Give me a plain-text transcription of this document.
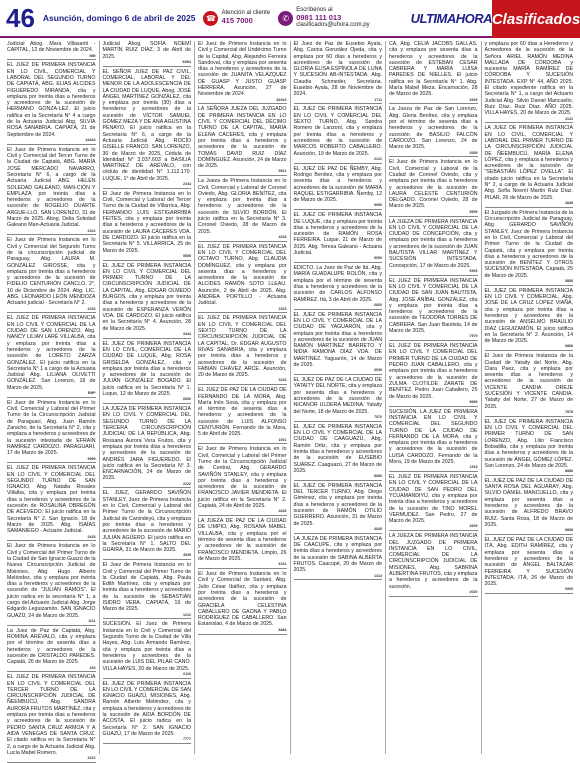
46 Asunción, domingo 6 de abril de 2025	☎
Atención al cliente
415 7000	✆
Escríbenos al
0981 111 013
clasificados@uhora.com.py	ULTIMAHORA Clasificados
Judicial Abog. Mara Villasanti - CAPITAL, 12 de Noviembre de 2024.
MM
EL JUEZ DE PRIMERA INSTANCIA EN LO CIVIL, COMERCIAL Y LABORAL DEL SEGUNDO TURNO DE CAPIATÁ, ABG. ELIAS ALCIDES FIGUEREDO MIRANDA, cita y emplaza por treinta días a herederos y acreedores de la sucesión de HERMANO GONZA-LEZ. El juicio ratifica en la Secretaría N° 4 a cargo de la Actuaria Judicial Abg. SILVIA ROSA SANABRIA. CAPIATÁ, 21 de Septiembre de 2024.
44444
El Juez de Primera Instancia en lo Civil y Comercial del Tercer Turno de la Ciudad de Capiatá, ABG. MARÍA JOSÉ MERCADO NAVARRO, Secretaría N° 6, a cargo de la Actuaria Judicial ABG. HELEN SOLEDAD GALEANO, MAN-CIÓN Y EMPLAZA por treinta días a herederos y acreedores de la sucesión de ROGELIO DUARTE ARGUE-LLO. SAN LORENZO, 31 de Marzo de 2025. Abog. Delia Soledad Galeano Man-Actuaria Judicial.
2222
El Juez de Primera Instancia en lo Civil y Comercial del Segundo Turno de la circunscripción judicial de Paraguay, Abg. LAURA M. GONZÁLEZ GIROSSE, cita y emplaza por treinta días a herederos y acreedores de la sucesión de FIDELIO CENTURIÓN CANCLO. 2°, 10 de Diciembre de 2024. Abg. LIC. ABG. LEONARDO LEÓN MENDOZA Actuario judicial - Secretaría N° 2.
2233
EL JUEZ DE PRIMERA INSTANCIA EN LO CIVIL Y COMERCIAL DE LA CIUDAD DE SAN LORENZO, Abg. NANCY LILIAN LARÉ VILLALBA, cita y emplaza por treinta días a herederos y acreedores de la sucesión de LORETO ZARZA GONZÁLEZ. El juicio ratifica en la Secretaría N° 1 a cargo de la Actuaria Judicial Abg. LILIANA OLIVETTI GONZÁLEZ. San Lorenzo, 18 de Marzo de 2025.
EMP
El Juez de Primera Instancia en lo Civil, Comercial y Laboral del Primer Turno de la Circunscripción Judicial de Paraguarí, Abg. Juan Ramón Zaracho, de la Secretaría N° 2, cita y emplaza a herederos y acreedores de la sucesión intestada de EFRAÍN RAMÍREZ CARDOZO. PARAGUARÍ, 17 de Marzo de 2025.
9999
EL JUEZ DE PRIMERA INSTANCIA EN LO CIVIL Y COMERCIAL DEL SEGUNDO TURNO DE SAN IGNACIO, Abg. Natalia Rosales Villalba, cita y emplaza por treinta días a herederos y acreedores de la sucesión de ROSALINA OBREGÓN DE ACEVEDO. El juicio ratifica en la Secretaría N° 2. San Ignacio, 18 de Marzo de 2025. Abg. ISAÍAS SAMANIEGO - Actuario Judicial.
2425
El Juez de Primera Instancia en lo Civil y Comercial del Primer Turno de la Ciudad de San Ignacio Guazú de la Nueva Circunscripción Judicial de Misiones, Abg. Hugo Alberto Meléndez, cita y emplaza por treinta días a herederos y acreedores de la sucesión de "JULIÁN RAMOS". El juicio radica en la secretaría N° 1, a cargo del Actuario Judicial Abg. Jorge Edgardo Leguizamón. SAN IGNACIO GUAZÚ, 24 de Marzo de 2025.
1111
La Juez de Paz de Capiatá, Abg. ROMINA ARÉVALO, cita y emplaza por el término de sesenta días a herederos y acreedores de la sucesión de CRISTALDO PAREDES. Capiatá, 26 de Marzo de 2025.
333
EL JUEZ DE PRIMERA INSTANCIA EN LO CIVIL Y COMERCIAL DEL TERCER TURNO DE LA CIRCUNSCRIPCIÓN JUDICIAL DE ÑEEMBUCÚ, Abg. SANDRA AURORA FRUTOS MARTÍNEZ, cita y emplaza por treinta días a herederos y acreedores de la sucesión de PEDRO SANTA CRUZ ARMOA Y A AIDA VENEGAS DE SANTA CRUZ. El citado ratifica en la Secretaría N° 2, a cargo de la Actuaria Judicial Abg. Lucía Mabel Romero.
2222
Judicial Abog. SOFÍA NOEMÍ MARTÍN RUIZ DÍAZ, 3 de Abril de 2025.
92B4
EL SEÑOR JUEZ DE PAZ CIVIL, COMERCIAL, LABORAL Y DEL MENOR DE LA ADOLESCENCIA DE LA CIUDAD DE LUQUE, Abog. JOSÉ ÁNGEL MARTÍNEZ GONZÁLEZ, cita y emplaza por treinta (30) días a herederos y acreedores de la sucesión de VÍCTOR SAMUEL GÓMEZ MEZA Y DE ANA AGUSTINA PENAYO. El juicio ratifica en la Secretaría N° 6, a cargo de la Actuaria Judicial Abg. ROCÍO GISELLE FRANCO. SAN LORENZO, 30 de Marzo de 2025, Cédula de Identidad N° 3.037.603 a BASILIA MARTÍNEZ DE ARÉVALO, con cédula de identidad N° 1.112.170. LUQUE, 1° de Abril de 2025.
2244
El Juez de Primera Instancia en lo Civil, Comercial y Laboral del Tercer Turno de la Ciudad de Villarrica, Abg. FERNANDO LUIS ESTIGARRIBIA FEITES, cita y emplaza por treinta días a herederos y acreedores de la sucesión de LAURA CÁCERES VDA. DE CARDOZO. El juicio ratifica en la Secretaría N° 5. VILLARRICA, 25 de Marzo de 2025.
5555
EL JUEZ DE PRIMERA INSTANCIA EN LO CIVIL Y COMERCIAL DEL PRIMER TURNO DE LA CIRCUNSCRIPCIÓN JUDICIAL DE LA CAPITAL, Abg. EDGAR OLMEDO BURGOS, cita y emplaza por treinta días a herederos y acreedores de la sucesión de ESPERANZA VERÓN VDA. DE CARDOZO. El juicio ratifica en la Secretaría N° 4. Asunción, 28 de Marzo de 2025.
3444
EL JUEZ DE PRIMERA INSTANCIA EN LO CIVIL, COMERCIAL DE LA CIUDAD DE LUQUE, Abg. ROSA GRISELDA GONZÁLEZ, cita y emplaza por treinta días a herederos y acreedores de la sucesión de JULIÁN GONZÁLEZ BOGADO. El juicio ratifica en la Secretaría N° 1. Luque, 12 de Marzo de 2025.
6666
LA JUEZA DE PRIMERA INSTANCIA EN LO CIVIL Y COMERCIAL DEL SEGUNDO TURNO DE LA TERCERA CIRCUNSCRIPCIÓN JUDICIAL DE LA REPÚBLICA, Abg. Rossana Aurora Vera Frutos, cita y emplaza por treinta días a herederos y acreedores de la sucesión de ANDRÉS JARA FIGUEREDO. El juicio ratifica en la Secretaría N° 3. ENCARNACIÓN, 24 de Marzo de 2025.
2222
EL JUEZ, GERARDO SAVIÑÓN STANLEY, Juez de Primera Instancia en lo Civil, Comercial y Laboral del Primer Turno de la Circunscripción Judicial de Canindeyú, cita y emplaza por treinta días a herederos y acreedores de la sucesión de MARIO JULIÁN AGÜERO. El juicio ratifica en la Secretaría N° 1. SALTO DEL GUAIRÁ, 31 de Marzo de 2025.
4545
El Juez de Primera Instancia en lo Civil y Comercial del Primer Turno de la Ciudad de Capiatá, Abg. Paula Edith Martínez, cita y emplaza por treinta días a herederos y acreedores de la sucesión de SEBASTIÁN ISIDRO VERA. CAPIATÁ, 19 de Marzo de 2025.
1212
SUCESIÓN. El Juez de Primera Instancia en lo Civil y Comercial del Segundo Turno de la Ciudad de Villa Hayes, Abg. Luis Armando Ramírez, cita y emplaza por treinta días a herederos y acreedores de la sucesión de LUIS DEL PILAR CANO. VILLA HAYES, 20 de Marzo de 2025.
0110
EL JUEZ DE PRIMERA INSTANCIA EN LO CIVIL Y COMERCIAL DE SAN IGNACIO GUAZÚ, MISIONES, Abg. Ramón Alberto Meléndez, cita y emplaza a herederos y acreedores de la sucesión de AIDA BORDÓN DE ACOSTA. El juicio radica en la Secretaría N° 2. SAN IGNACIO GUAZÚ, 17 de Marzo de 2025.
7777
El Juez de Primera Instancia en lo Civil y Comercial del Undécimo Turno de la Capital, Abg. Alejandro Ferreira Sandoval, cita y emplaza por sesenta días a herederos y acreedores de la sucesión de JUANITA VELÁZQUEZ DE GUASP Y JUSTO GUASP HERRERA. Asunción, 27 de Noviembre de 2024.
82342
LA SEÑORA JUEZA DEL JUZGADO DE PRIMERA INSTANCIA EN LO CIVIL Y COMERCIAL DEL DÉCIMO TURNO DE LA CAPITAL, MARÍA ELENA CÁCERES, cita y emplaza por treinta días a herederos y acreedores de la sucesión de TOMÁS DAVID RUIZ DÍAZ DOMÍNGUEZ. Asunción, 24 de Marzo de 2025.
9921
La Jueza de Primera Instancia en lo Civil, Comercial y Laboral de Coronel Oviedo, Abg. GLORIA BENÍTEZ, cita y emplaza por treinta días a herederos y acreedores de la sucesión de SILVIO BORDÓN. El juicio ratifica en la Secretaría N° 3. Coronel Oviedo, 28 de Marzo de 2025.
4242
EL JUEZ DE PRIMERA INSTANCIA EN LO CIVIL Y COMERCIAL DEL OCTAVO TURNO, Abg. CLAUDIA DOMÍNGUEZ, cita y emplaza por sesenta días a herederos y acreedores de la sucesión de ALCIDES RAMÓN SOTO LLEAU. Asunción, 2 de Abril de 2025. Abg. ANDREA PORTILLO - Actuaria Judicial.
2323
EL JUEZ DE PRIMERA INSTANCIA EN LO CIVIL Y COMERCIAL DEL SEXTO TURNO DE LA CIRCUNSCRIPCIÓN JUDICIAL DE LA CAPITAL, Dr. EDGAR AUGUSTO RIVAS SANABRIA, cita y emplaza por treinta días a herederos y acreedores de la sucesión de FABIÁN CHÁVEZ ARCE. Asunción, 20 de Marzo de 2025.
3232
EL JUEZ DE PAZ DE LA CIUDAD DE FERNANDO DE LA MORA, Abg. María Inés Sosa, cita y emplaza por el término de sesenta días a herederos y acreedores de la sucesión de LUIS ALFONSO CENTURIÓN. Fernando de la Mora, 5 de Abril de 2025.
1001
El Juez de Primera Instancia en lo Civil, Comercial y Laboral del Primer Turno de la Circunscripción Judicial de Central, Abg. GERARDO SAVIÑÓN STANLEY, cita y emplaza por treinta días a herederos y acreedores de la sucesión de FRANCISCO JAVIER MENDIETA. El juicio ratifica en la Secretaría N° 2. Capiatá, 24 de Abril de 2025.
4343
LA JUEZA DE PAZ DE LA CIUDAD DE LIMPIO, Abg. ROSANA MABEL VILLALBA, cita y emplaza por el término de sesenta días a herederos y acreedores de la sucesión de FRANCISCO MENDIETA. Limpio, 26 de Marzo de 2025.
6161
El Juez de Primera Instancia en lo Civil y Comercial de Santaní, Abg. Julio César Ibáñez, cita y emplaza por treinta días a herederos y acreedores de la sucesión de GRACIELA CELESTINA CABALLERO DE GAONA Y PABLO RODRÍGUEZ DE CABALLERO. San Estanislao, 4 de Marzo de 2025.
8484
El Juez de Paz de Eusebio Ayala, Abg. Carina González Ojeda, cita y emplaza por 60 días a herederos y acreedores de la sucesión de GLORIA ELISA ESPÍNOLA DE LUNA Y SUCESIÓN AB-INTESTADA. Abg. Claudia Schmeder, Secretaria. Eusebio Ayala, 28 de Noviembre de 2024.
1711
EL JUEZ DE PRIMERA INSTANCIA EN LO CIVIL Y COMERCIAL DEL SEXTO TURNO, Abg. Sandra Romero de Lanzoni, cita y emplaza por treinta días a herederos y acreedores de la sucesión de MARCOS ROBERTO CABALLERO. Asunción, 19 de Marzo de 2025.
2121
EL JUEZ DE PAZ DE ÑEMBY, Abg. Rodrigo Benítez, cita y emplaza por sesenta días a herederos y acreedores de la sucesión de MARÍA RAQUEL ESTIGARRIBIA. Ñemby, 12 de Marzo de 2025.
9090
EL JUEZ DE PRIMERA INSTANCIA DE LUQUE, cita y emplaza por treinta días a herederos y acreedores de la sucesión de RAMÓN ROSA FERREIRA. Luque, 21 de Marzo de 2025. Abg. Teresa Galeano - Actuaria Judicial.
5050
EDICTO. La Juez de Paz de Itá, Abg. MARÍA GUADALUPE ROLÓN, cita y emplaza por el término de sesenta días a herederos y acreedores de la sucesión de CARLOS ALFONSO RAMÍREZ. Itá, 3 de Abril de 2025.
6060
EL JUEZ DE PRIMERA INSTANCIA EN LO CIVIL Y COMERCIAL DE LA CIUDAD DE YAGUARÓN, cita y emplaza por treinta días a herederos y acreedores de la sucesión de JUAN RAMÓN MARTÍNEZ BARRETO Y NIDIA RAMONA DÍAZ VDA. DE MARTÍNEZ. Yaguarón, 14 de Marzo de 2025.
3030
EL JUEZ DE PAZ DE LA CIUDAD DE YATAITY DEL NORTE, cita y emplaza por sesenta días a herederos y acreedores de la sucesión de NICANOR ULDERA MEDINA. Yataity del Norte, 18 de Marzo de 2025.
7070
EL JUEZ DE PRIMERA INSTANCIA EN LO CIVIL Y COMERCIAL DE LA CIUDAD DE CAAGUAZÚ, Abg. Ramón Ortiz, cita y emplaza por treinta días a herederos y acreedores de la sucesión de EUSEBIO SUÁREZ. Caaguazú, 27 de Marzo de 2025.
8080
EL JUEZ DE PRIMERA INSTANCIA DEL TERCER TURNO, Abg. Diego Giménez, cita y emplaza por treinta días a herederos y acreedores de la sucesión de RAMÓN OTILIO GUERRERO. Asunción, 31 de Marzo de 2025.
4040
LA JUEZA DE PRIMERA INSTANCIA DE CAACUPÉ, cita y emplaza por treinta días a herederos y acreedores de la sucesión de SABINA ALBERTA FRUTOS. Caacupé, 20 de Marzo de 2025.
1414
CA, Abg. CELIA JACOBS GALLAS, cita y emplaza por sesenta días a herederos y acreedores de la sucesión de ESTEBAN CESAR CABRERA Y MARÍA LUISA PAREDES DE NIELLES. El juicio ratifica en la Secretaría N° 1. Abg. María Mabel Meza. Encarnación, 28 de Marzo de 2025.
2929
La Jueza de Paz de San Lorenzo, Abg. Gloria Benítez, cita y emplaza por el término de sesenta días a herederos y acreedores de la sucesión de BASILIO FALCÓN CARDOZO. San Lorenzo, 24 de Marzo de 2025.
3939
El Juez de Primera Instancia en lo Civil, Comercial y Laboral de la Ciudad de Coronel Oviedo, cita y emplaza por treinta días a herederos y acreedores de la sucesión de LAURA CELESTE CENTURIÓN DELGADO. Coronel Oviedo, 28 de Marzo de 2025.
5959
LA JUEZA DE PRIMERA INSTANCIA EN LO CIVIL Y COMERCIAL DE LA CIUDAD DE CONCEPCIÓN, cita y emplaza por treinta días a herederos y acreedores de la sucesión de JUAN BAUTISTA VILLAR MARTÍNEZ Y SUCESIÓN INTESTADA. Concepción, 17 de Marzo de 2025.
6969
EL JUEZ DE PRIMERA INSTANCIA EN LO CIVIL Y COMERCIAL DE LA CIUDAD DE SAN JUAN BAUTISTA, Abg. JOSÉ ANÍBAL GONZÁLEZ, cita y emplaza por treinta días a herederos y acreedores de la sucesión de TEODORA TORRES DE CABRERA. San Juan Bautista, 14 de Marzo de 2025.
7979
EL JUEZ DE PRIMERA INSTANCIA EN LO CIVIL Y COMERCIAL DEL PRIMER TURNO DE LA CIUDAD DE PEDRO JUAN CABALLERO, cita y emplaza por treinta días a herederos y acreedores de la sucesión de ZULMA CLOTILDE ZARATE DE BENÍTEZ. Pedro Juan Caballero, 25 de Marzo de 2025.
8989
SUCESIÓN. LA JUEZ DE PRIMERA INSTANCIA EN LO CIVIL Y COMERCIAL DEL SEGUNDO TURNO DE LA CIUDAD DE FERNANDO DE LA MORA, cita y emplaza por treinta días a herederos y acreedores de la sucesión de LUISA CARDOZO. Fernando de la Mora, 19 de Marzo de 2025.
1919
EL JUEZ DE PRIMERA INSTANCIA EN LO CIVIL Y COMERCIAL DE LA CIUDAD DE SAN PEDRO DEL YCUAMANDIYÚ, cita y emplaza por treinta días a herederos y acreedores de la sucesión de TINO MOREL VERMUDEZ. San Pedro, 27 de Marzo de 2025.
4949
LA JUEZA DE PRIMERA INSTANCIA DEL JUZGADO DE PRIMERA INSTANCIA EN LO CIVIL, COMERCIAL DE LA CIRCUNSCRIPCIÓN JUDICIAL DE MISIONES, Abg. SABRINA ALBERTINA FRUTOS, cita y emplaza a herederos y acreedores de la sucesión.
2020
y emplaza por 60 días a Herederos y Acreedores de la sucesión de la Señora ARIEL RAMÓN MEDINA MALLADA DE CÓRDOBA y sucesoria MARÍA RAMÍREZ DE CÓRDOBA Y SUCESIÓN INTESTADA. EXP N° 44, AÑO 2025. El citado expediente ratifica en la Secretaría N° 1, a cargo del Actuario Judicial Abg. Silvio Daniel Mancuello, Ruiz Díaz. Ruiz Díaz. AÑO 2025. VILLA HAYES, 20 de Marzo de 2025.
4141
LA JUEZ DE PRIMERA INSTANCIA EN LO CIVIL, COMERCIAL Y LABORAL DEL PRIMER TURNO DE LA CIRCUNSCRIPCIÓN JUDICIAL DE ÑEEMBUCÚ, MARÍA ELENA LÓPEZ, cita y emplaza a herederos y acreedores de la sucesión de "SEBASTIÁN LÓPEZ OVELLA". El citado juicio ratifica en la Secretaría N° 2, a cargo de la Actuaria Judicial Abg. Sofía Noemí Martín Ruiz Díaz. PILAR, 26 de Marzo de 2025.
4848
El Juzgado de Primera Instancia de la Circunscripción Judicial de Paraguay, Abg. GERARDO SAVIÑÓN STANLEY, Juez de Primera Instancia en lo Civil, Comercial y Laboral del Primer Turno de la Ciudad de Capiatá, cita y emplaza por treinta días a herederos y acreedores de la sucesión de BENÍTEZ Y OTROS SUCESIÓN INTESTADA. Capiatá, 25 de Marzo de 2025.
5858
EL JUEZ DE PRIMERA INSTANCIA EN LO CIVIL Y COMERCIAL, Abg. JOSÉ DE LA CRUZ LOPEZ VIAÑA, cita y emplaza por treinta días a herederos y acreedores de la sucesión de ANSELMO BRAULIO DIAZ LEGUIZAMÓN. El juicio ratifica en la Secretaría N° 2. Asunción, 14 de Marzo de 2025.
6868
El Juez de Primera Instancia de la Ciudad de Yataity del Norte, Abg. Clara Paez, cita y emplaza por sesenta días a herederos y acreedores de la sucesión de VICENTE CANDIA OREJE SUCESIÓN Y VICENTE CANDIA. Yataity del Norte, 27 de Marzo de 2025.
7878
EL JUEZ DE PRIMERA INSTANCIA EN LO CIVIL Y COMERCIAL DEL PRIMER TURNO DE SAN LORENZO, Abg. Lilio Francisco Bobadilla, cita y emplaza por treinta días a herederos y acreedores de la sucesión de ÁNGEL GÓMEZ LÓPEZ. San Lorenzo, 24 de Marzo de 2025.
8888
EL JUEZ DE PAZ DE LA CIUDAD DE SANTA ROSA DEL AGUARAY, Abg. SILVIO DANIEL MANCUELLO, cita y emplaza por sesenta días a herederos y acreedores de la sucesión de ALFREDO BRAVO RUIZ. Santa Rosa, 18 de Marzo de 2025.
9898
EL JUEZ DE PAZ DE LA CIUDAD DE ITÁ, Abg. EDITH RAMÍREZ, cita y emplaza por sesenta días a herederos y acreedores de la sucesión de ÁNGEL BALTAZAR FERREIRA Y SUCESIÓN INTESTADA. ITÁ, 26 de Marzo de 2025.
0909
